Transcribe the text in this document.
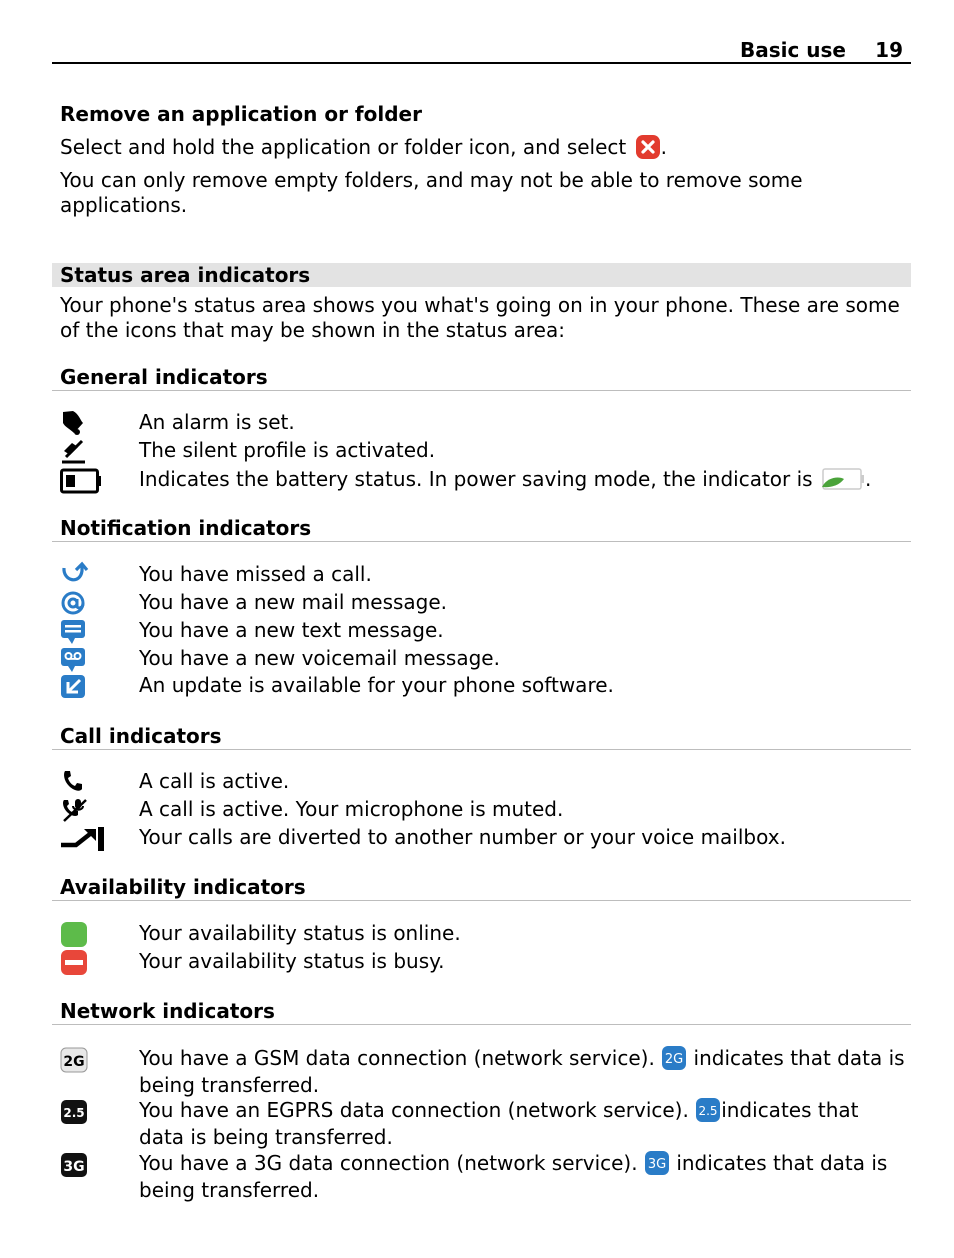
Basic use 19
Remove an application or folder
Select and hold the application or folder icon, and select .
You can only remove empty folders, and may not be able to remove some applications.
Status area indicators
Your phone's status area shows you what's going on in your phone. These are some of the icons that may be shown in the status area:
General indicators
An alarm is set.
The silent profile is activated.
Indicates the battery status. In power saving mode, the indicator is	.
Notification indicators
You have missed a call.
You have a new mail message.
You have a new text message.
You have a new voicemail message.
An update is available for your phone software.
Call indicators
A call is active.
A call is active. Your microphone is muted.
Your calls are diverted to another number or your voice mailbox.
Availability indicators
Your availability status is online.
Your availability status is busy.
Network indicators
2G	You have a GSM data connection (network service). 2G indicates that data is being transferred.
2.5	You have an EGPRS data connection (network service). 2.5 indicates that data is being transferred.
3G	You have a 3G data connection (network service). 3G indicates that data is being transferred.
